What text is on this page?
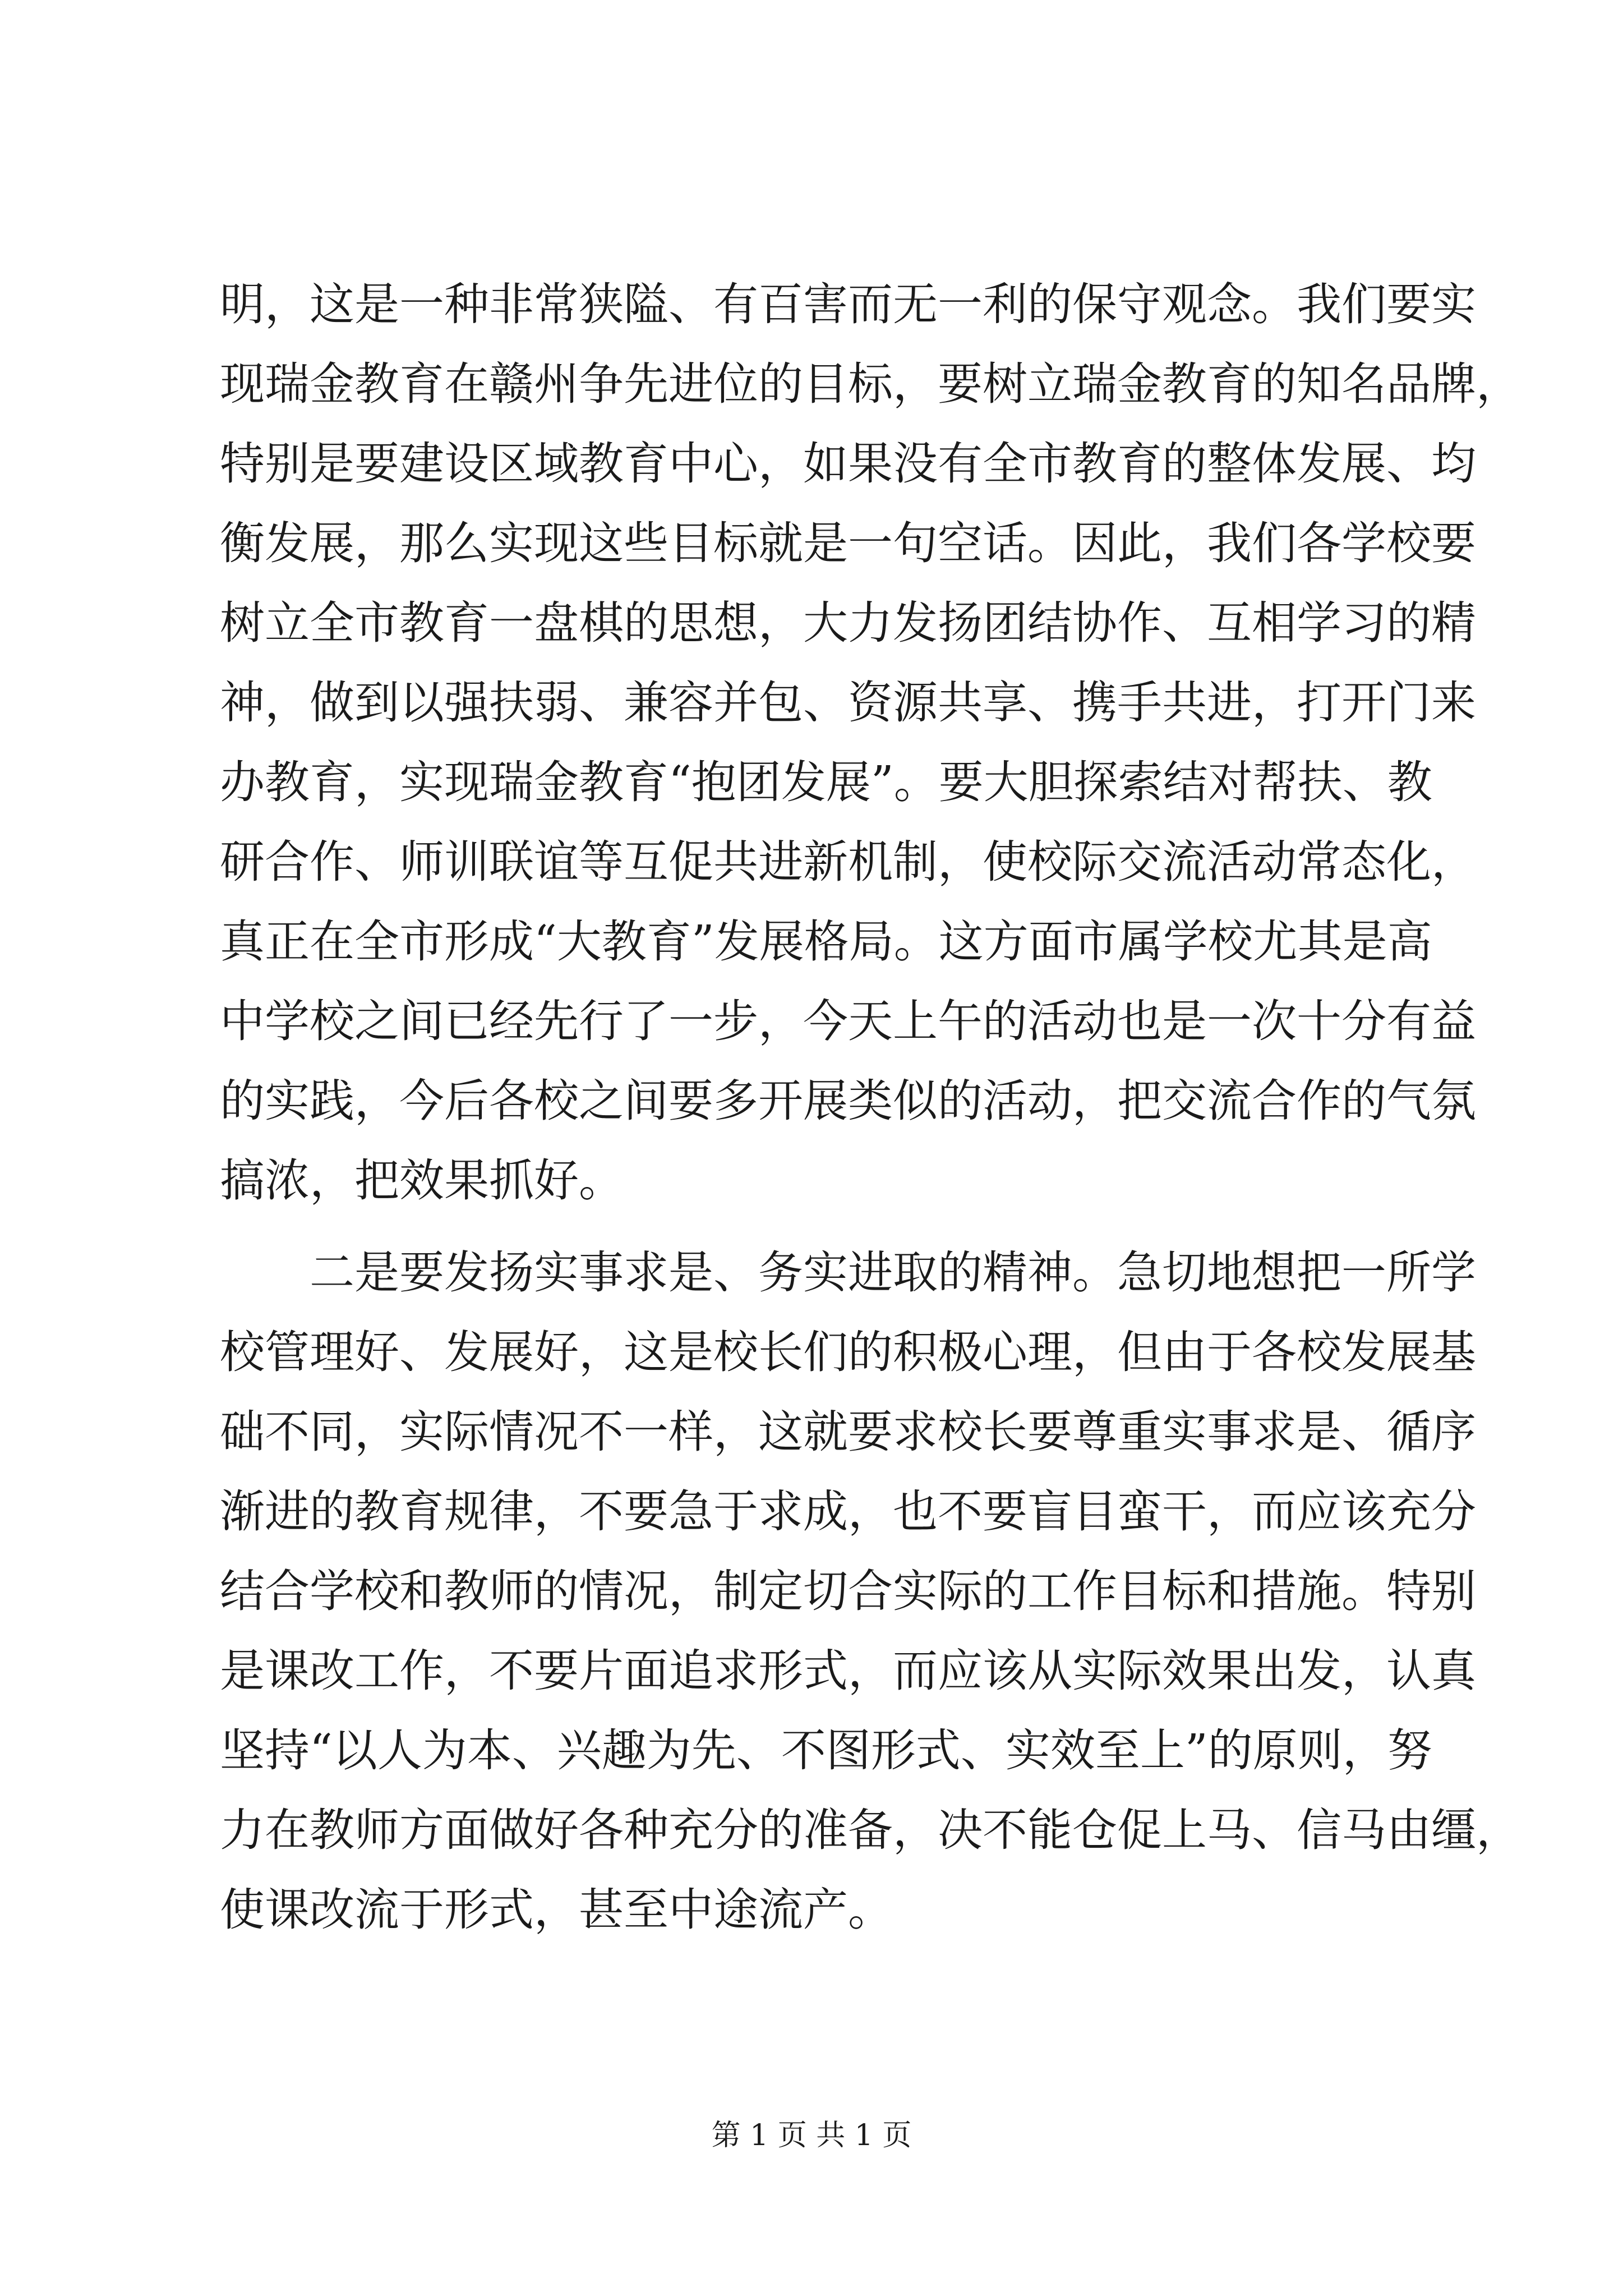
明，这是一种非常狭隘、有百害而无一利的保守观念。我们要实
现瑞金教育在赣州争先进位的目标，要树立瑞金教育的知名品牌，
特别是要建设区域教育中心，如果没有全市教育的整体发展、均
衡发展，那么实现这些目标就是一句空话。因此，我们各学校要
树立全市教育一盘棋的思想，大力发扬团结协作、互相学习的精
神，做到以强扶弱、兼容并包、资源共享、携手共进，打开门来
办教育，实现瑞金教育“抱团发展”。要大胆探索结对帮扶、教
研合作、师训联谊等互促共进新机制，使校际交流活动常态化，
真正在全市形成“大教育”发展格局。这方面市属学校尤其是高
中学校之间已经先行了一步，今天上午的活动也是一次十分有益
的实践，今后各校之间要多开展类似的活动，把交流合作的气氛
搞浓，把效果抓好。
　　二是要发扬实事求是、务实进取的精神。急切地想把一所学
校管理好、发展好，这是校长们的积极心理，但由于各校发展基
础不同，实际情况不一样，这就要求校长要尊重实事求是、循序
渐进的教育规律，不要急于求成，也不要盲目蛮干，而应该充分
结合学校和教师的情况，制定切合实际的工作目标和措施。特别
是课改工作，不要片面追求形式，而应该从实际效果出发，认真
坚持“以人为本、兴趣为先、不图形式、实效至上”的原则，努
力在教师方面做好各种充分的准备，决不能仓促上马、信马由缰，
使课改流于形式，甚至中途流产。
第 1 页 共 1 页
